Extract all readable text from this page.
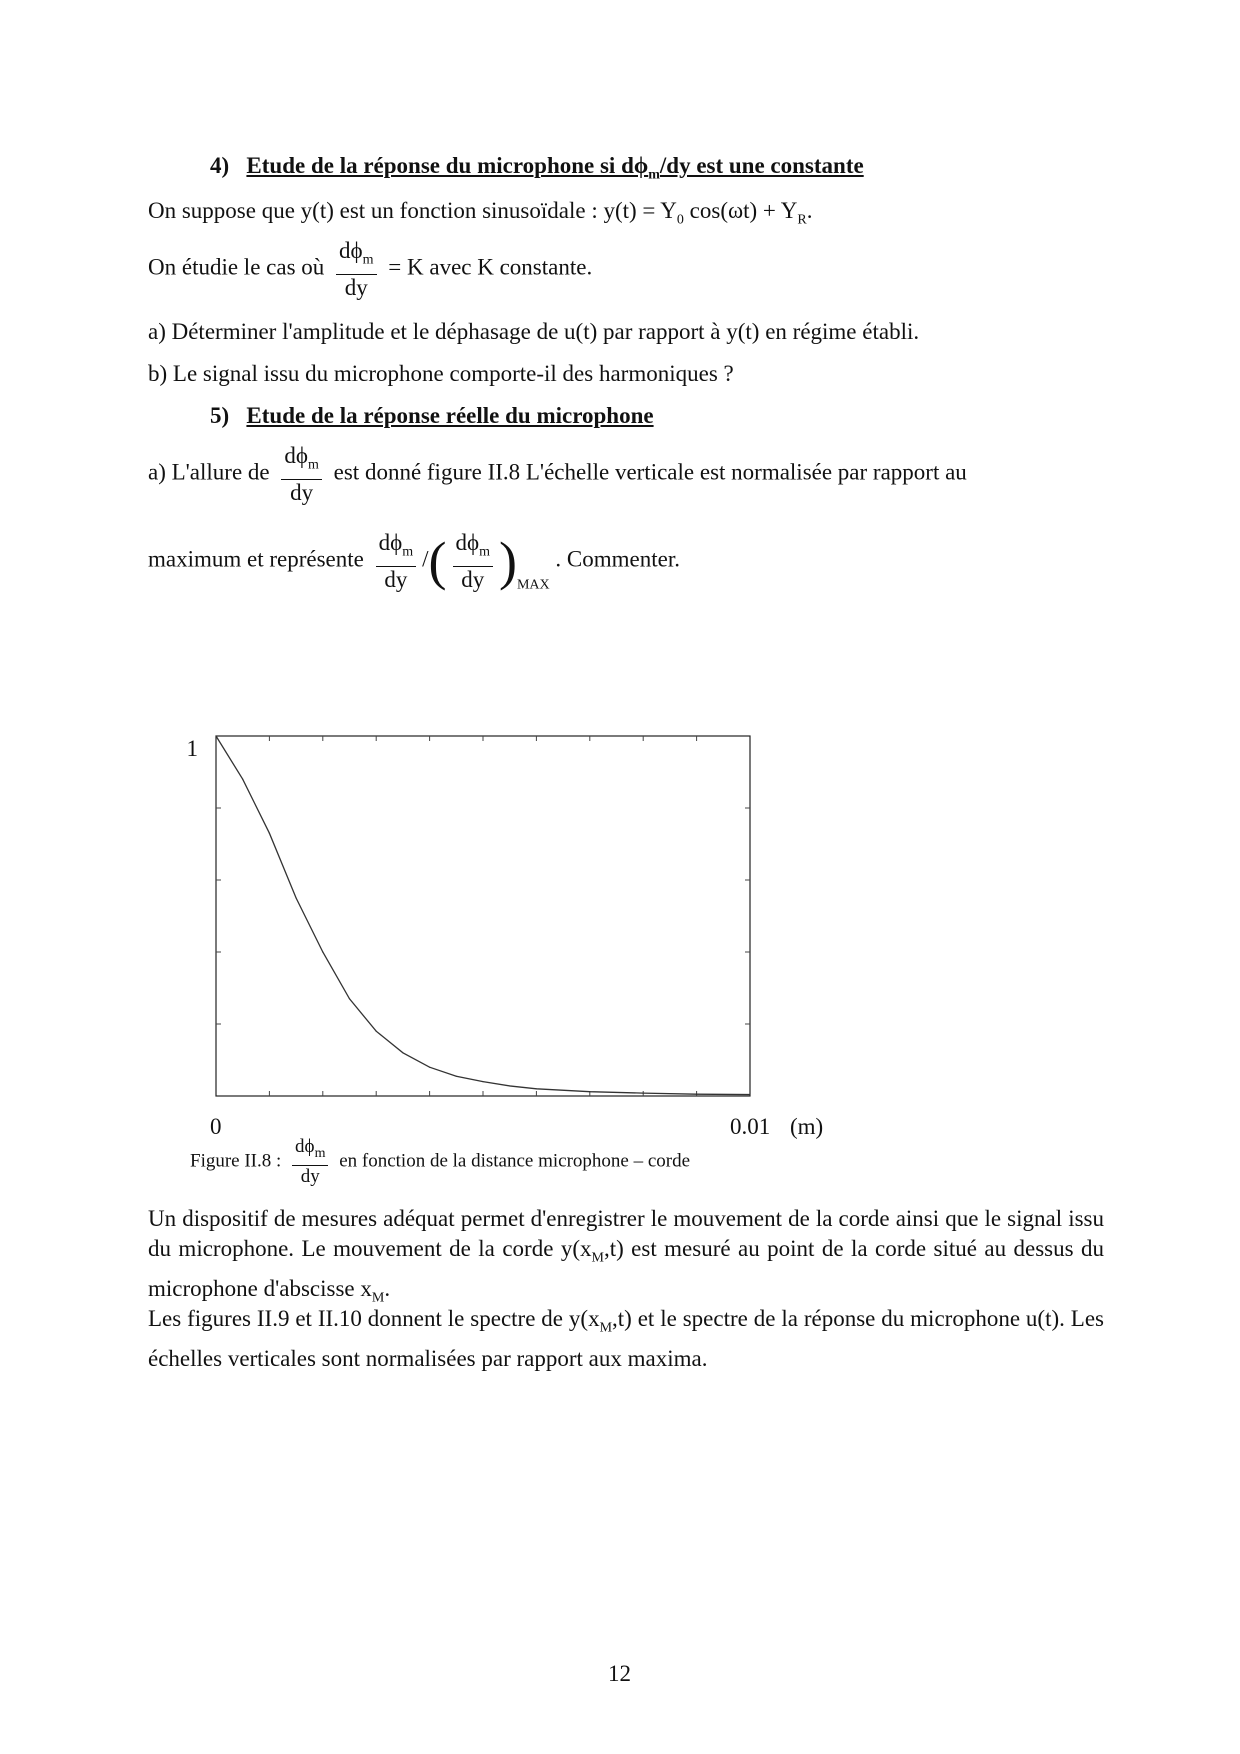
4) Etude de la réponse du microphone si $d\phi_m/dy$ est une constante
On suppose que y(t) est un fonction sinusoïdale : $y(t) = Y_0$ $\cos(\omega t) + Y_R$.
On étudie le cas où $\frac{d\phi_m}{dy} = K$ avec K constante.
a) Déterminer l'amplitude et le déphasage de u(t) par rapport à y(t) en régime établi.
b) Le signal issu du microphone comporte-il des harmoniques ?
5) Etude de la réponse réelle du microphone
a) L'allure de $\frac{d\phi_m}{dy}$ est donné figure II.8 L'échelle verticale est normalisée par rapport au
maximum et représente $\frac{d\phi_m}{dy}$ /( $\frac{d\phi_m}{dy} )_{MAX}$ . Commenter.
1
0	0.01 (m)
Figure II.8 : $\frac{d\phi_m}{dy}$ en fonction de la distance microphone – corde
Un dispositif de mesures adéquat permet d'enregistrer le mouvement de la corde ainsi que le signal issu du microphone. Le mouvement de la corde $y(x_M,t)$ est mesuré au point de la corde situé au dessus du microphone d'abscisse $x_M$.
Les figures II.9 et II.10 donnent le spectre de $y(x_M,t)$ et le spectre de la réponse du microphone u(t). Les échelles verticales sont normalisées par rapport aux maxima.
12
